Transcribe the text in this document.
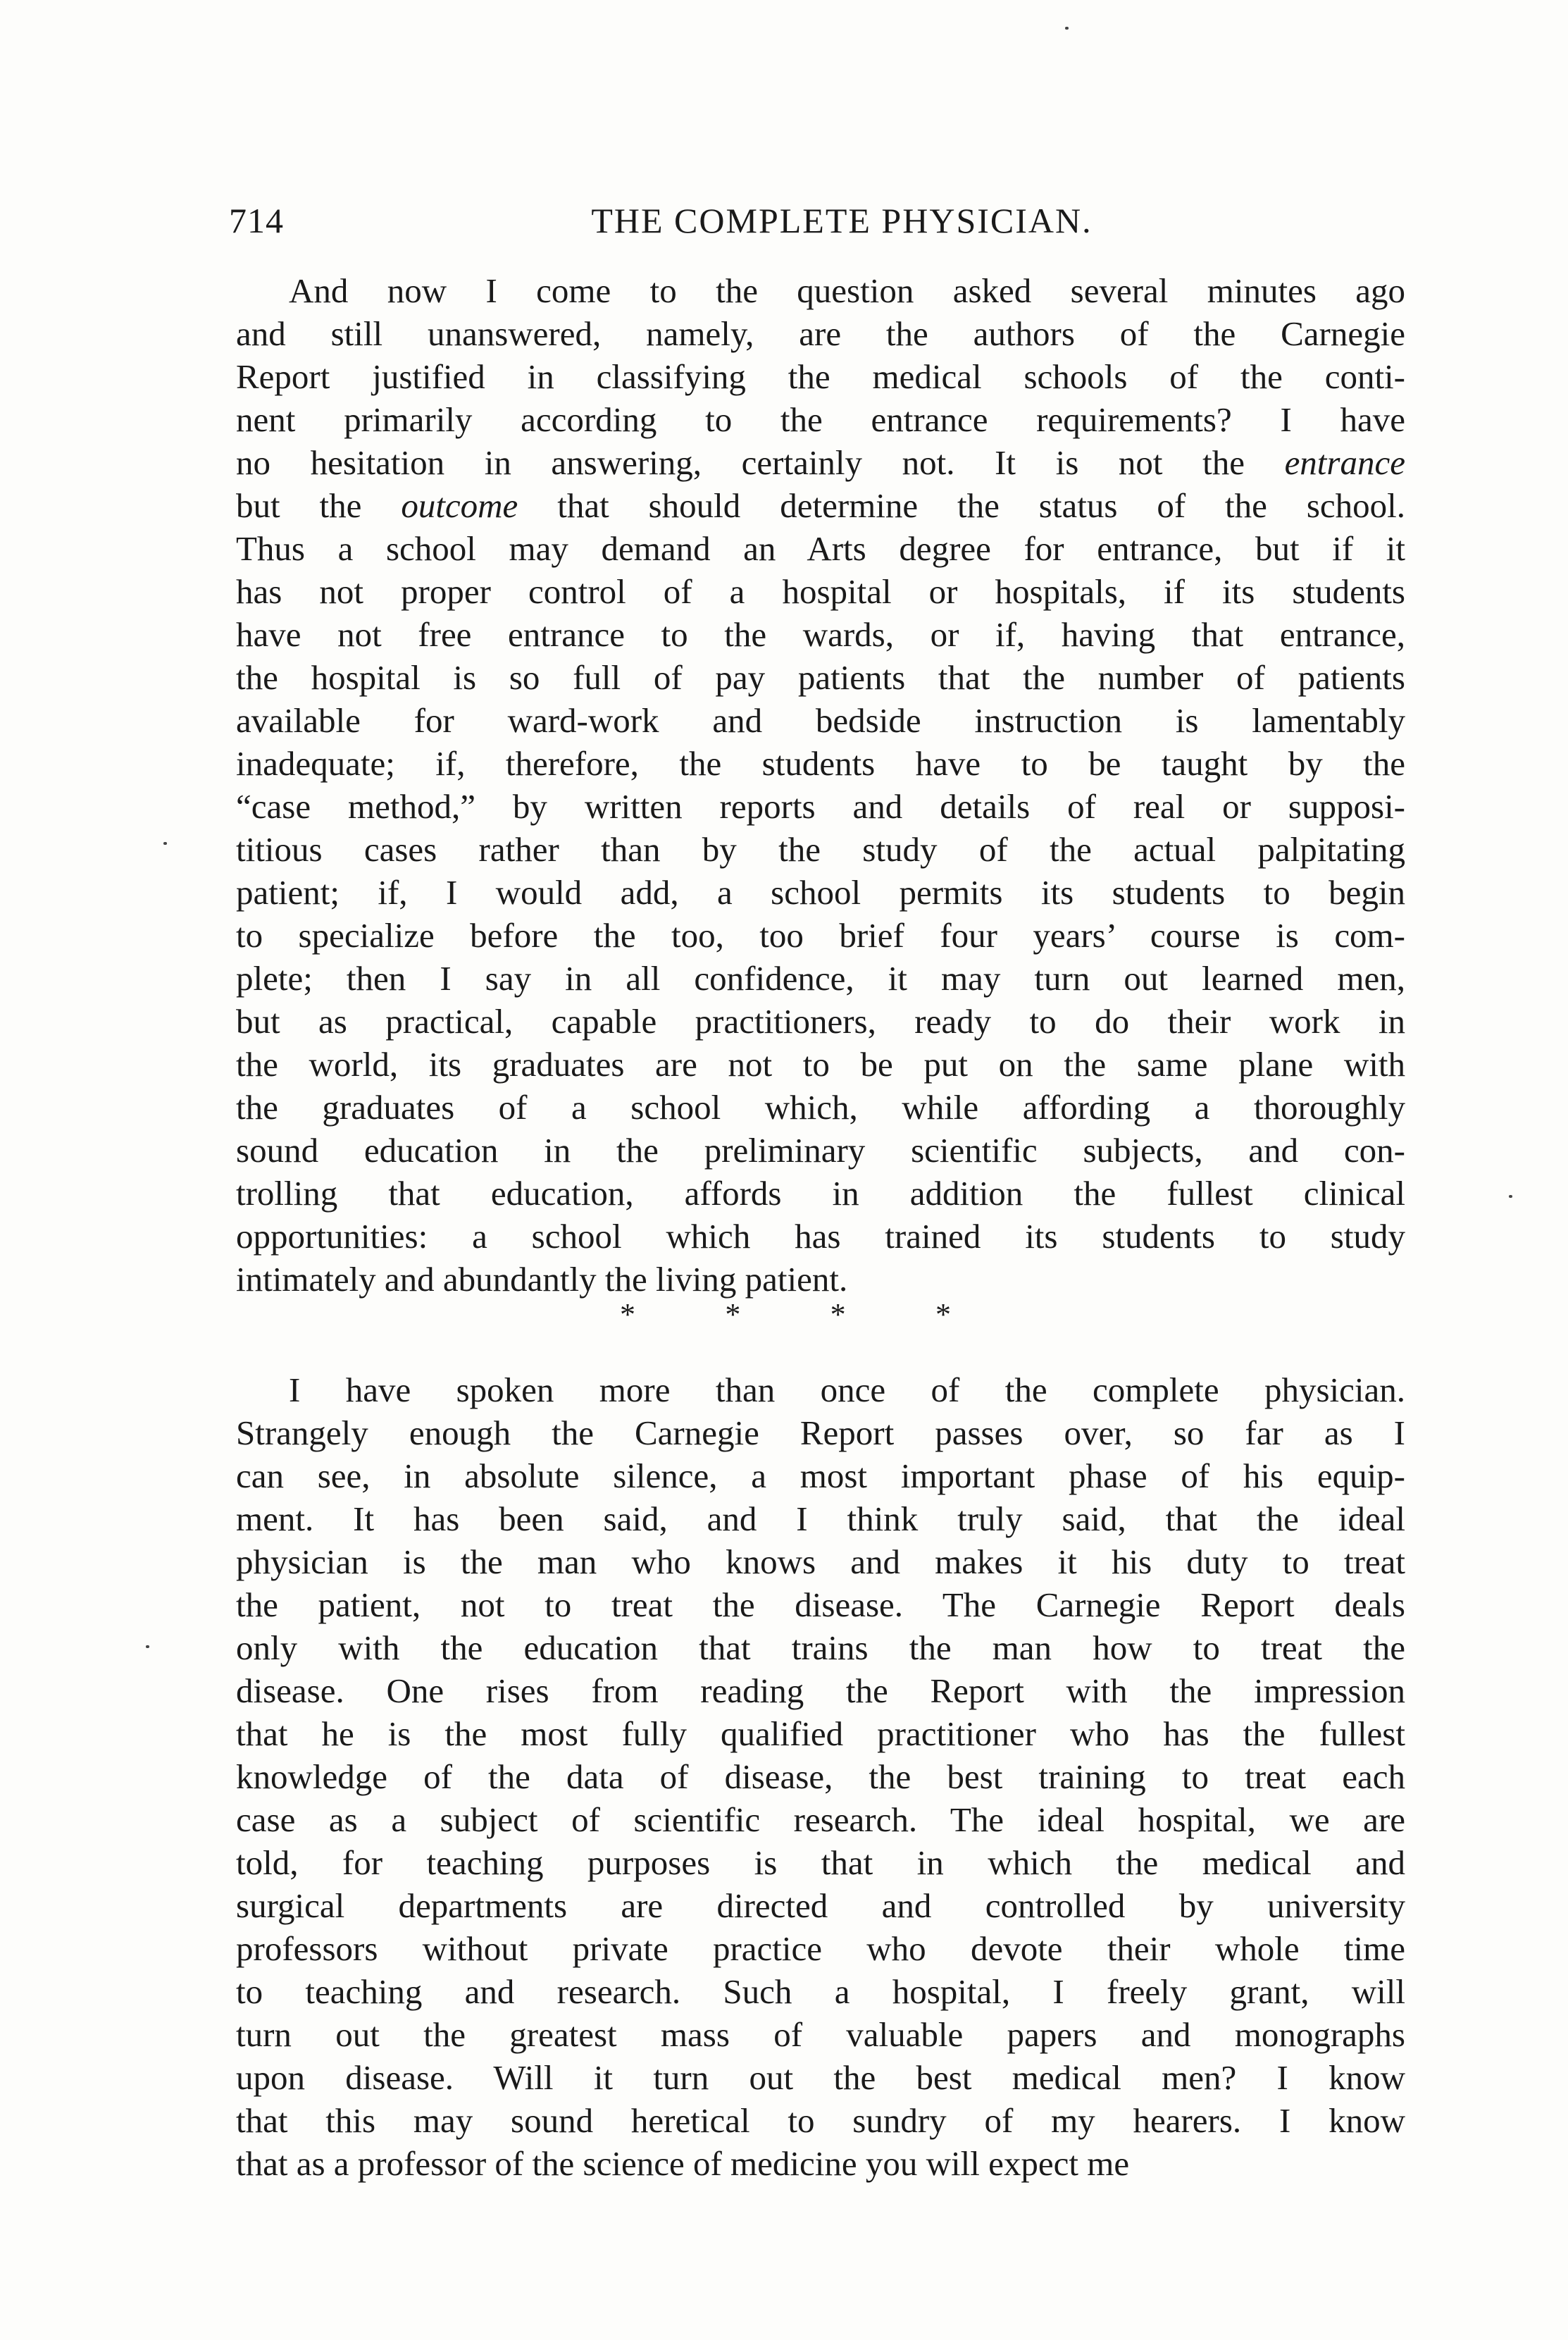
714	THE COMPLETE PHYSICIAN.
And now I come to the question asked several minutes ago
and still unanswered, namely, are the authors of the Carnegie
Report justified in classifying the medical schools of the conti-
nent primarily according to the entrance requirements? I have
no hesitation in answering, certainly not. It is not the entrance
but the outcome that should determine the status of the school.
Thus a school may demand an Arts degree for entrance, but if it
has not proper control of a hospital or hospitals, if its students
have not free entrance to the wards, or if, having that entrance,
the hospital is so full of pay patients that the number of patients
available for ward-work and bedside instruction is lamentably
inadequate; if, therefore, the students have to be taught by the
“case method,” by written reports and details of real or supposi-
titious cases rather than by the study of the actual palpitating
patient; if, I would add, a school permits its students to begin
to specialize before the too, too brief four years’ course is com-
plete; then I say in all confidence, it may turn out learned men,
but as practical, capable practitioners, ready to do their work in
the world, its graduates are not to be put on the same plane with
the graduates of a school which, while affording a thoroughly
sound education in the preliminary scientific subjects, and con-
trolling that education, affords in addition the fullest clinical
opportunities: a school which has trained its students to study
intimately and abundantly the living patient.
*	*	*	*
I have spoken more than once of the complete physician.
Strangely enough the Carnegie Report passes over, so far as I
can see, in absolute silence, a most important phase of his equip-
ment. It has been said, and I think truly said, that the ideal
physician is the man who knows and makes it his duty to treat
the patient, not to treat the disease. The Carnegie Report deals
only with the education that trains the man how to treat the
disease. One rises from reading the Report with the impression
that he is the most fully qualified practitioner who has the fullest
knowledge of the data of disease, the best training to treat each
case as a subject of scientific research. The ideal hospital, we are
told, for teaching purposes is that in which the medical and
surgical departments are directed and controlled by university
professors without private practice who devote their whole time
to teaching and research. Such a hospital, I freely grant, will
turn out the greatest mass of valuable papers and monographs
upon disease. Will it turn out the best medical men? I know
that this may sound heretical to sundry of my hearers. I know
that as a professor of the science of medicine you will expect me
